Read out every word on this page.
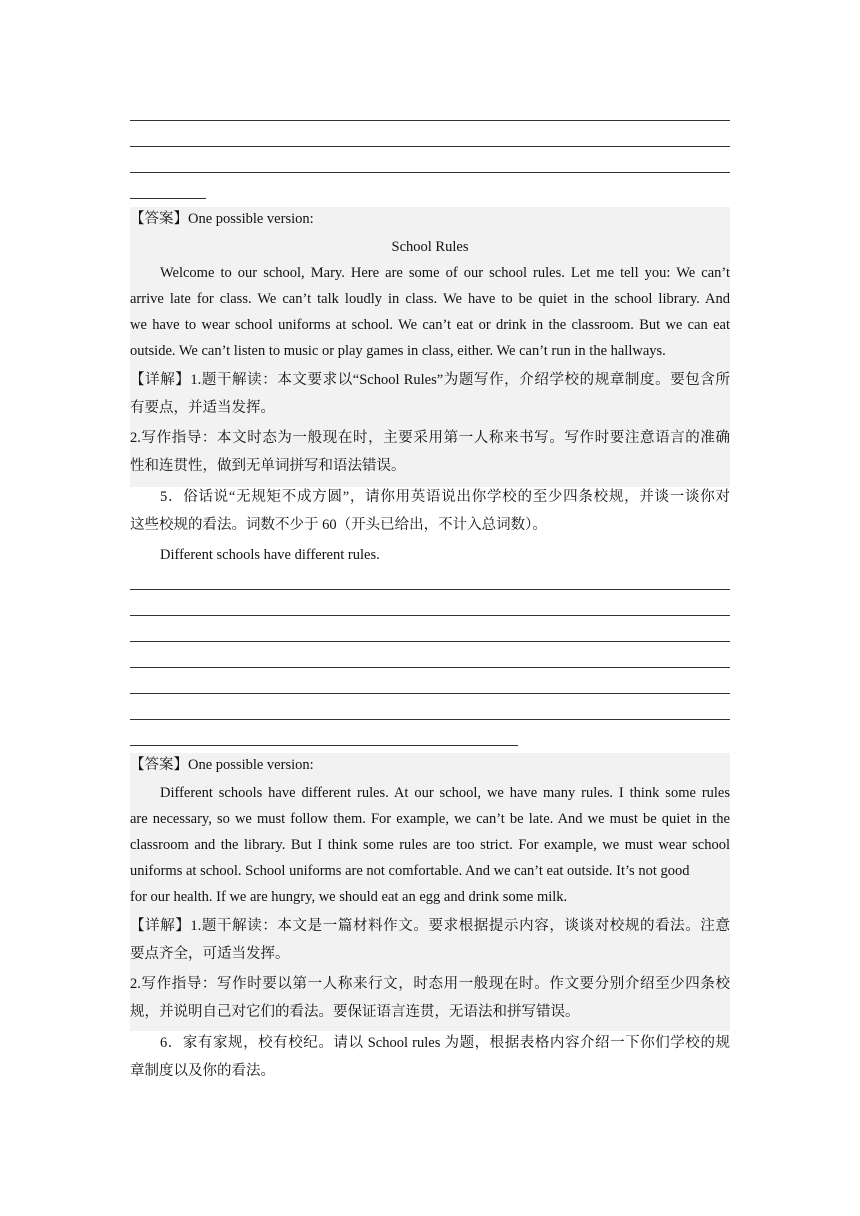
【答案】One possible version:
School Rules
Welcome to our school, Mary. Here are some of our school rules. Let me tell you: We can’t
arrive late for class. We can’t talk loudly in class. We have to be quiet in the school library. And
we have to wear school uniforms at school. We can’t eat or drink in the classroom. But we can eat
outside. We can’t listen to music or play games in class, either. We can’t run in the hallways.
【详解】1.题干解读：本文要求以“School Rules”为题写作，介绍学校的规章制度。要包含所
有要点，并适当发挥。
2.写作指导：本文时态为一般现在时，主要采用第一人称来书写。写作时要注意语言的准确
性和连贯性，做到无单词拼写和语法错误。
5．俗话说“无规矩不成方圆”，请你用英语说出你学校的至少四条校规，并谈一谈你对
这些校规的看法。词数不少于 60（开头已给出，不计入总词数）。
Different schools have different rules.
【答案】One possible version:
Different schools have different rules. At our school, we have many rules. I think some rules
are necessary, so we must follow them. For example, we can’t be late. And we must be quiet in the
classroom and the library. But I think some rules are too strict. For example, we must wear school
uniforms at school. School uniforms are not comfortable. And we can’t eat outside. It’s not good
for our health. If we are hungry, we should eat an egg and drink some milk.
【详解】1.题干解读：本文是一篇材料作文。要求根据提示内容，谈谈对校规的看法。注意
要点齐全，可适当发挥。
2.写作指导：写作时要以第一人称来行文，时态用一般现在时。作文要分别介绍至少四条校
规，并说明自己对它们的看法。要保证语言连贯，无语法和拼写错误。
6．家有家规，校有校纪。请以 School rules 为题，根据表格内容介绍一下你们学校的规
章制度以及你的看法。
